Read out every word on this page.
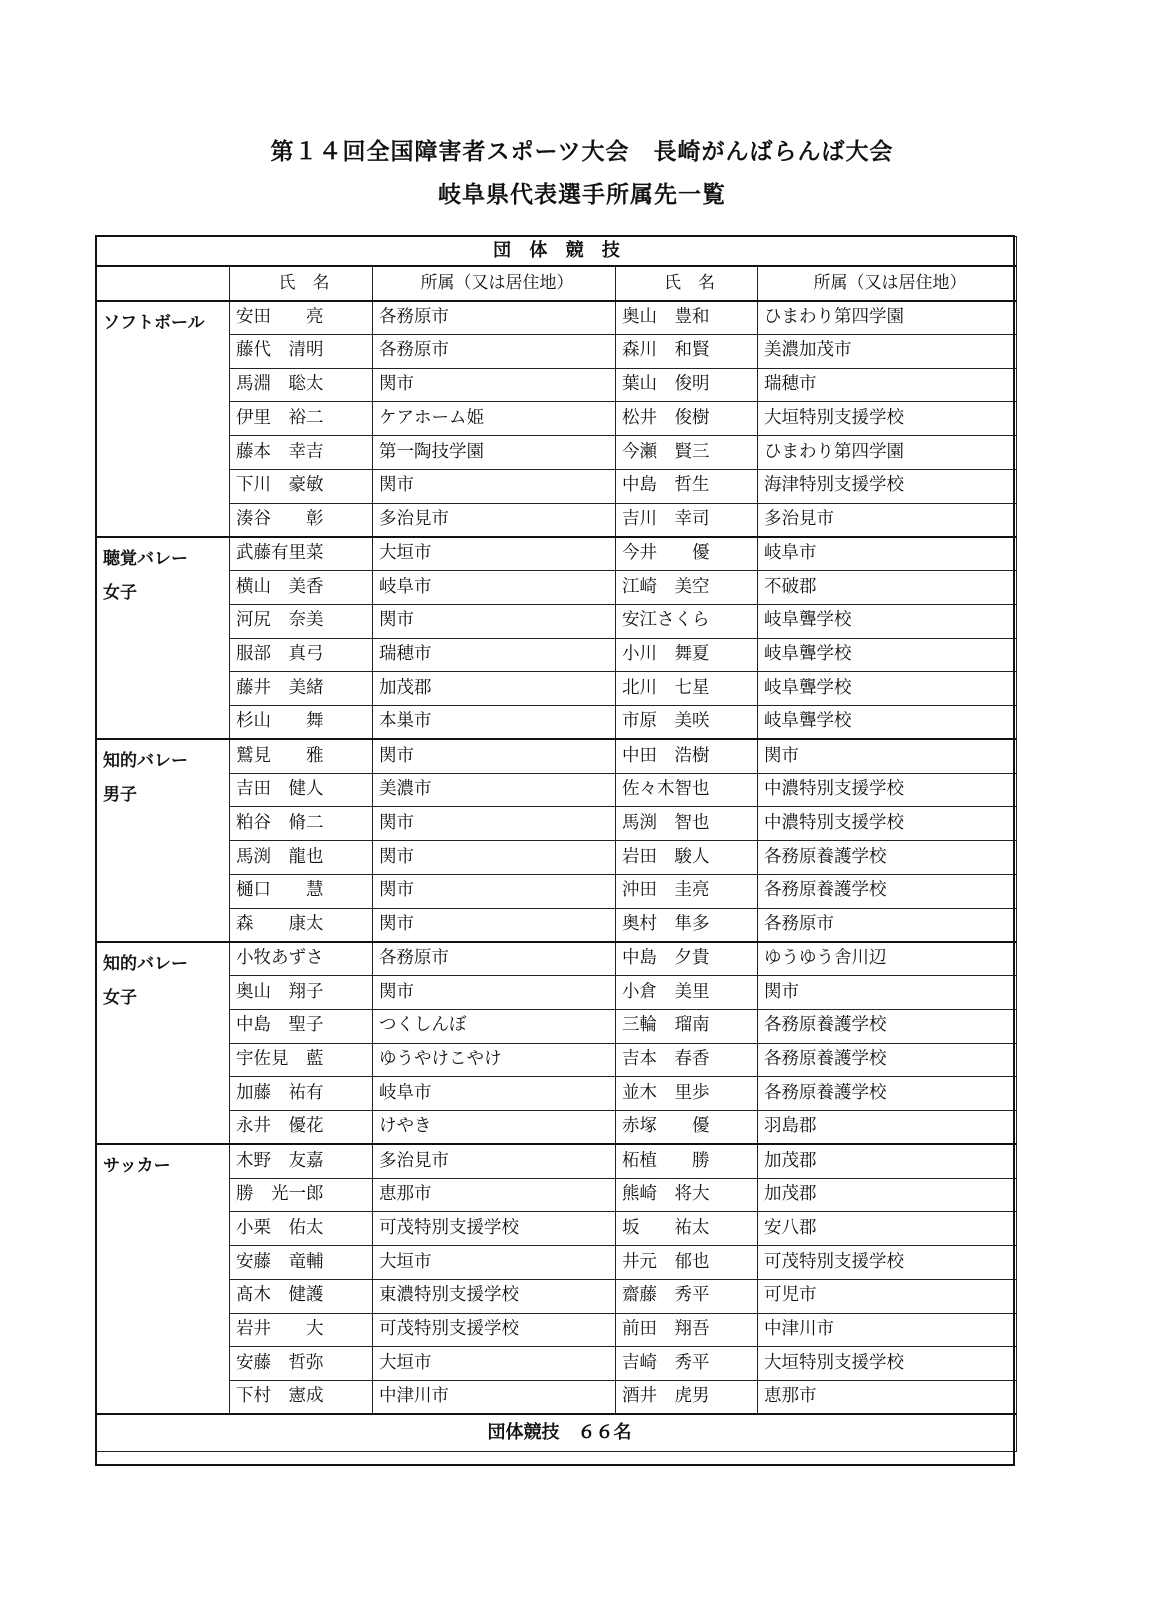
第１４回全国障害者スポーツ大会　長崎がんばらんば大会
岐阜県代表選手所属先一覧
団 体 競 技				
	氏　名	所属（又は居住地）	氏　名	所属（又は居住地）

ソフトボール	安田　　亮	各務原市	奥山　豊和	ひまわり第四学園
	藤代　清明	各務原市	森川　和賢	美濃加茂市
	馬淵　聡太	関市	葉山　俊明	瑞穂市
	伊里　裕二	ケアホーム姫	松井　俊樹	大垣特別支援学校
	藤本　幸吉	第一陶技学園	今瀬　賢三	ひまわり第四学園
	下川　豪敏	関市	中島　哲生	海津特別支援学校
	湊谷　　彰	多治見市	吉川　幸司	多治見市

聴覚バレー
女子	武藤有里菜	大垣市	今井　　優	岐阜市
	横山　美香	岐阜市	江崎　美空	不破郡
	河尻　奈美	関市	安江さくら	岐阜聾学校
	服部　真弓	瑞穂市	小川　舞夏	岐阜聾学校
	藤井　美緒	加茂郡	北川　七星	岐阜聾学校
	杉山　　舞	本巣市	市原　美咲	岐阜聾学校

知的バレー
男子	鷲見　　雅	関市	中田　浩樹	関市
	吉田　健人	美濃市	佐々木智也	中濃特別支援学校
	粕谷　脩二	関市	馬渕　智也	中濃特別支援学校
	馬渕　龍也	関市	岩田　駿人	各務原養護学校
	樋口　　慧	関市	沖田　圭亮	各務原養護学校
	森　　康太	関市	奥村　隼多	各務原市

知的バレー
女子	小牧あずさ	各務原市	中島　夕貴	ゆうゆう舎川辺
	奥山　翔子	関市	小倉　美里	関市
	中島　聖子	つくしんぼ	三輪　瑠南	各務原養護学校
	宇佐見　藍	ゆうやけこやけ	吉本　春香	各務原養護学校
	加藤　祐有	岐阜市	並木　里歩	各務原養護学校
	永井　優花	けやき	赤塚　　優	羽島郡

サッカー	木野　友嘉	多治見市	柘植　　勝	加茂郡
	勝　光一郎	恵那市	熊崎　将大	加茂郡
	小栗　佑太	可茂特別支援学校	坂　　祐太	安八郡
	安藤　竜輔	大垣市	井元　郁也	可茂特別支援学校
	髙木　健護	東濃特別支援学校	齋藤　秀平	可児市
	岩井　　大	可茂特別支援学校	前田　翔吾	中津川市
	安藤　哲弥	大垣市	吉崎　秀平	大垣特別支援学校
	下村　憲成	中津川市	酒井　虎男	恵那市
団体競技　６６名				
